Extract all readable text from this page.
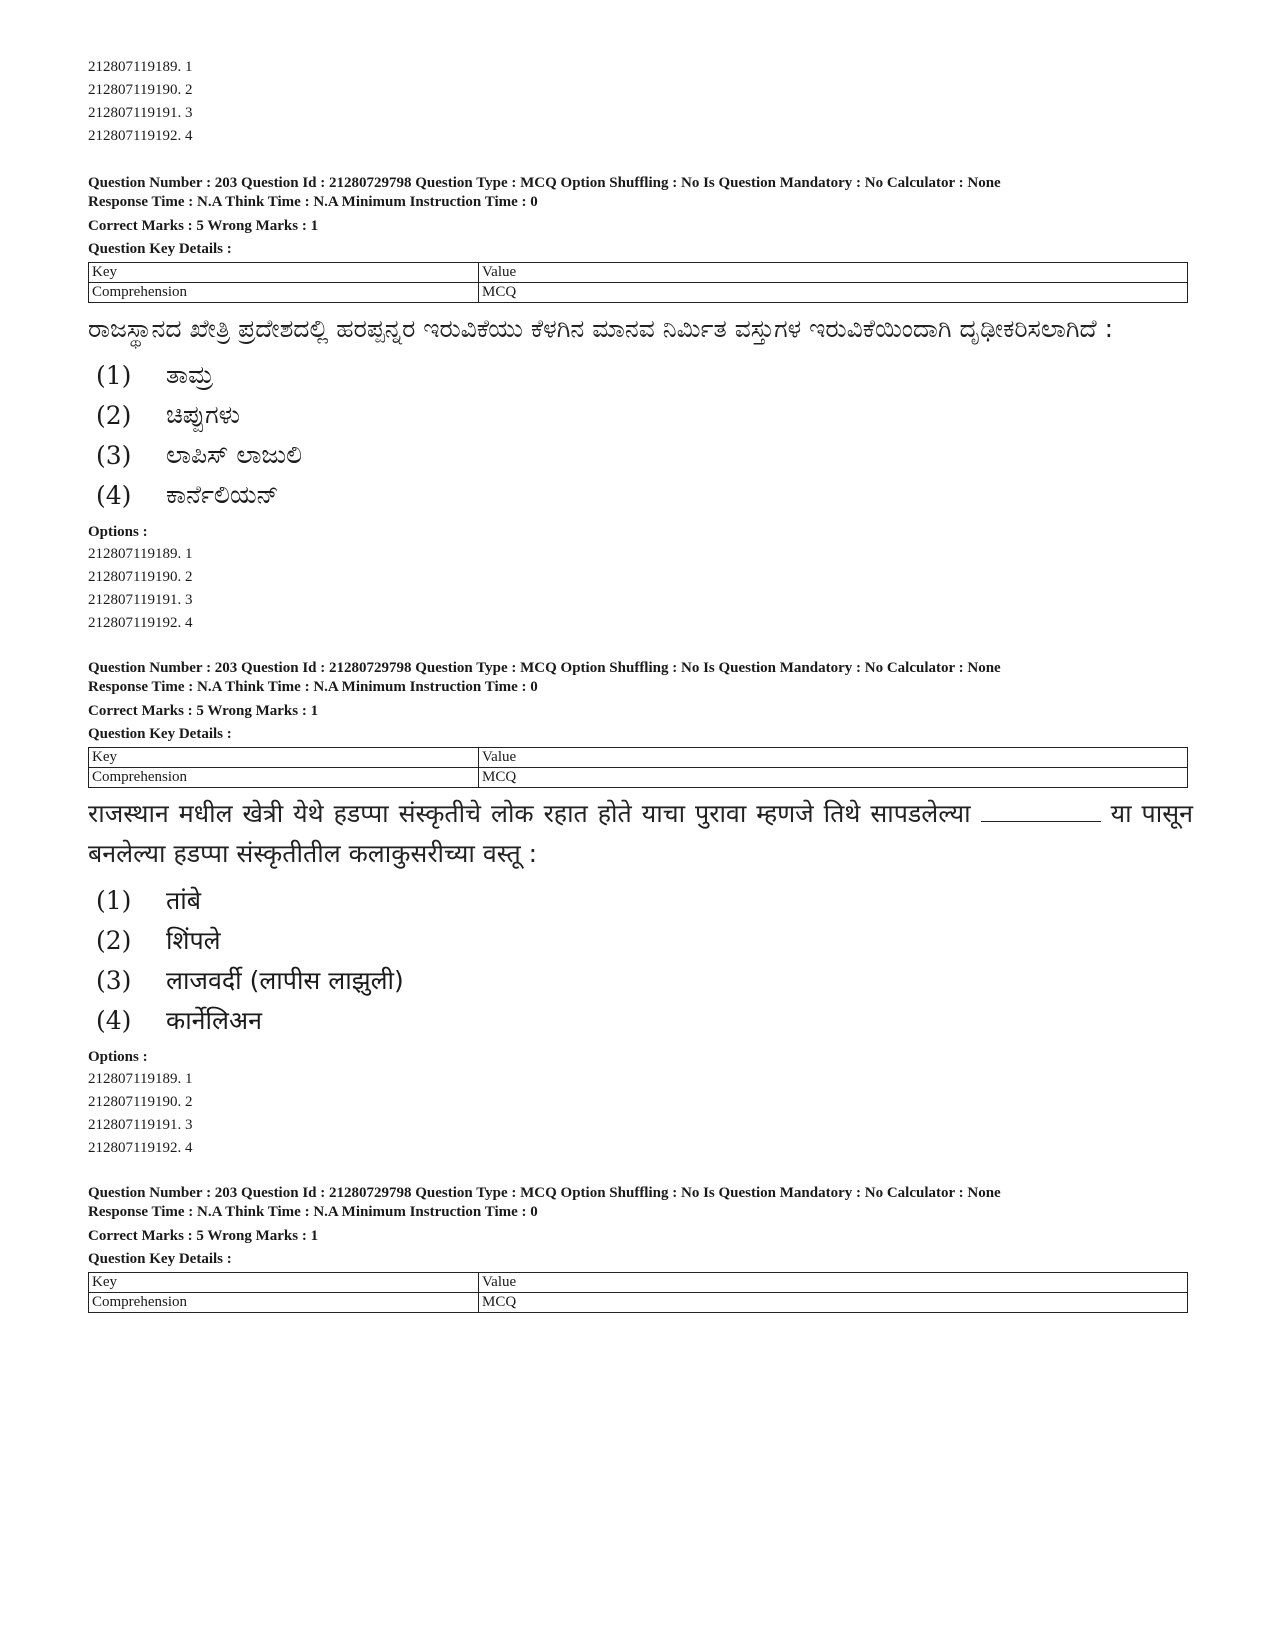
212807119189. 1
212807119190. 2
212807119191. 3
212807119192. 4
Question Number : 203 Question Id : 21280729798 Question Type : MCQ Option Shuffling : No Is Question Mandatory : No Calculator : None
Response Time : N.A Think Time : N.A Minimum Instruction Time : 0
Correct Marks : 5 Wrong Marks : 1
Question Key Details :
Key	Value
Comprehension	MCQ
ರಾಜಸ್ಥಾನದ ಖೇತ್ರಿ ಪ್ರದೇಶದಲ್ಲಿ ಹರಪ್ಪನ್ನರ ಇರುವಿಕೆಯು ಕೆಳಗಿನ ಮಾನವ ನಿರ್ಮಿತ ವಸ್ತುಗಳ ಇರುವಿಕೆಯಿಂದಾಗಿ ದೃಢೀಕರಿಸಲಾಗಿದೆ :
(1)	ತಾಮ್ರ
(2)	ಚಿಪ್ಪುಗಳು
(3)	ಲಾಪಿಸ್ ಲಾಜುಲಿ
(4)	ಕಾರ್ನೆಲಿಯನ್
Options :
212807119189. 1
212807119190. 2
212807119191. 3
212807119192. 4
Question Number : 203 Question Id : 21280729798 Question Type : MCQ Option Shuffling : No Is Question Mandatory : No Calculator : None
Response Time : N.A Think Time : N.A Minimum Instruction Time : 0
Correct Marks : 5 Wrong Marks : 1
Question Key Details :
Key	Value
Comprehension	MCQ
राजस्थान मधील खेत्री येथे हडप्पा संस्कृतीचे लोक रहात होते याचा पुरावा म्हणजे तिथे सापडलेल्या	या पासून बनलेल्या हडप्पा संस्कृतीतील कलाकुसरीच्या वस्तू :
(1)	तांबे
(2)	शिंपले
(3)	लाजवर्दी (लापीस लाझुली)
(4)	कार्नेलिअन
Options :
212807119189. 1
212807119190. 2
212807119191. 3
212807119192. 4
Question Number : 203 Question Id : 21280729798 Question Type : MCQ Option Shuffling : No Is Question Mandatory : No Calculator : None
Response Time : N.A Think Time : N.A Minimum Instruction Time : 0
Correct Marks : 5 Wrong Marks : 1
Question Key Details :
Key	Value
Comprehension	MCQ
